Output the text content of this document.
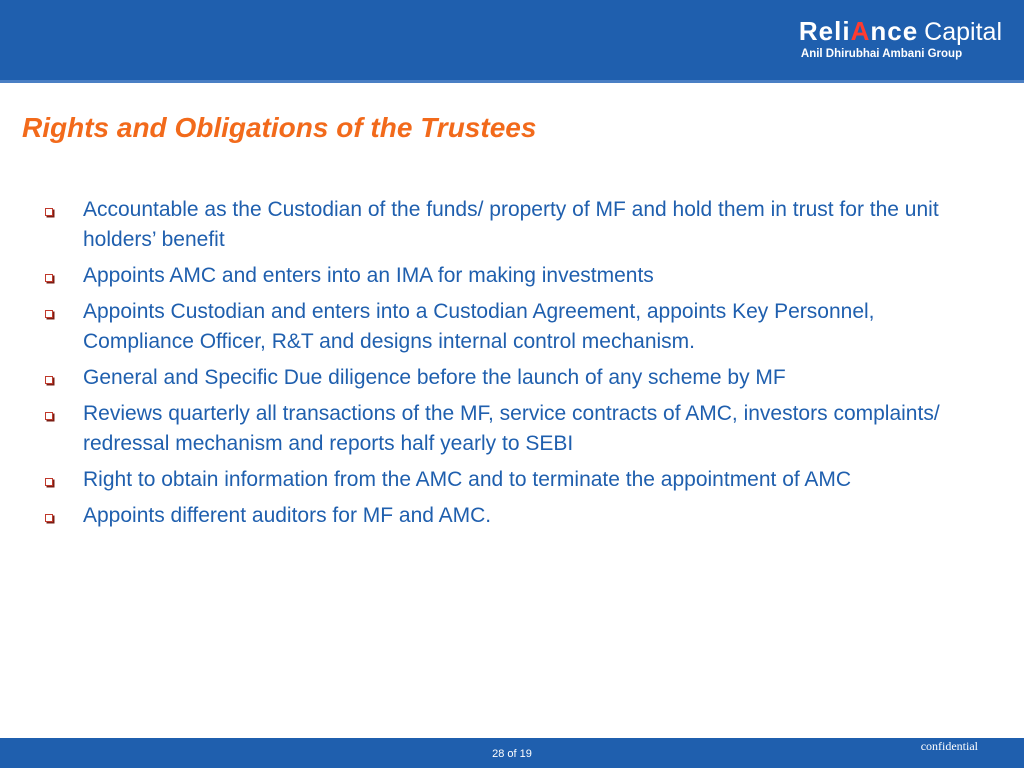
ReliAnce Capital
Anil Dhirubhai Ambani Group
Rights and Obligations of the Trustees
Accountable as the Custodian of the funds/ property of MF and hold them in trust for the unit holders’ benefit
Appoints AMC and enters into an IMA for making investments
Appoints Custodian and enters into a Custodian Agreement, appoints Key Personnel, Compliance Officer, R&T and designs internal control mechanism.
General and Specific Due diligence before the launch of any scheme by MF
Reviews quarterly all transactions of the MF, service contracts of AMC, investors complaints/ redressal mechanism and reports half yearly to SEBI
Right to obtain information from the AMC and to terminate the appointment of AMC
Appoints different auditors for MF and AMC.
28 of 19
confidential
